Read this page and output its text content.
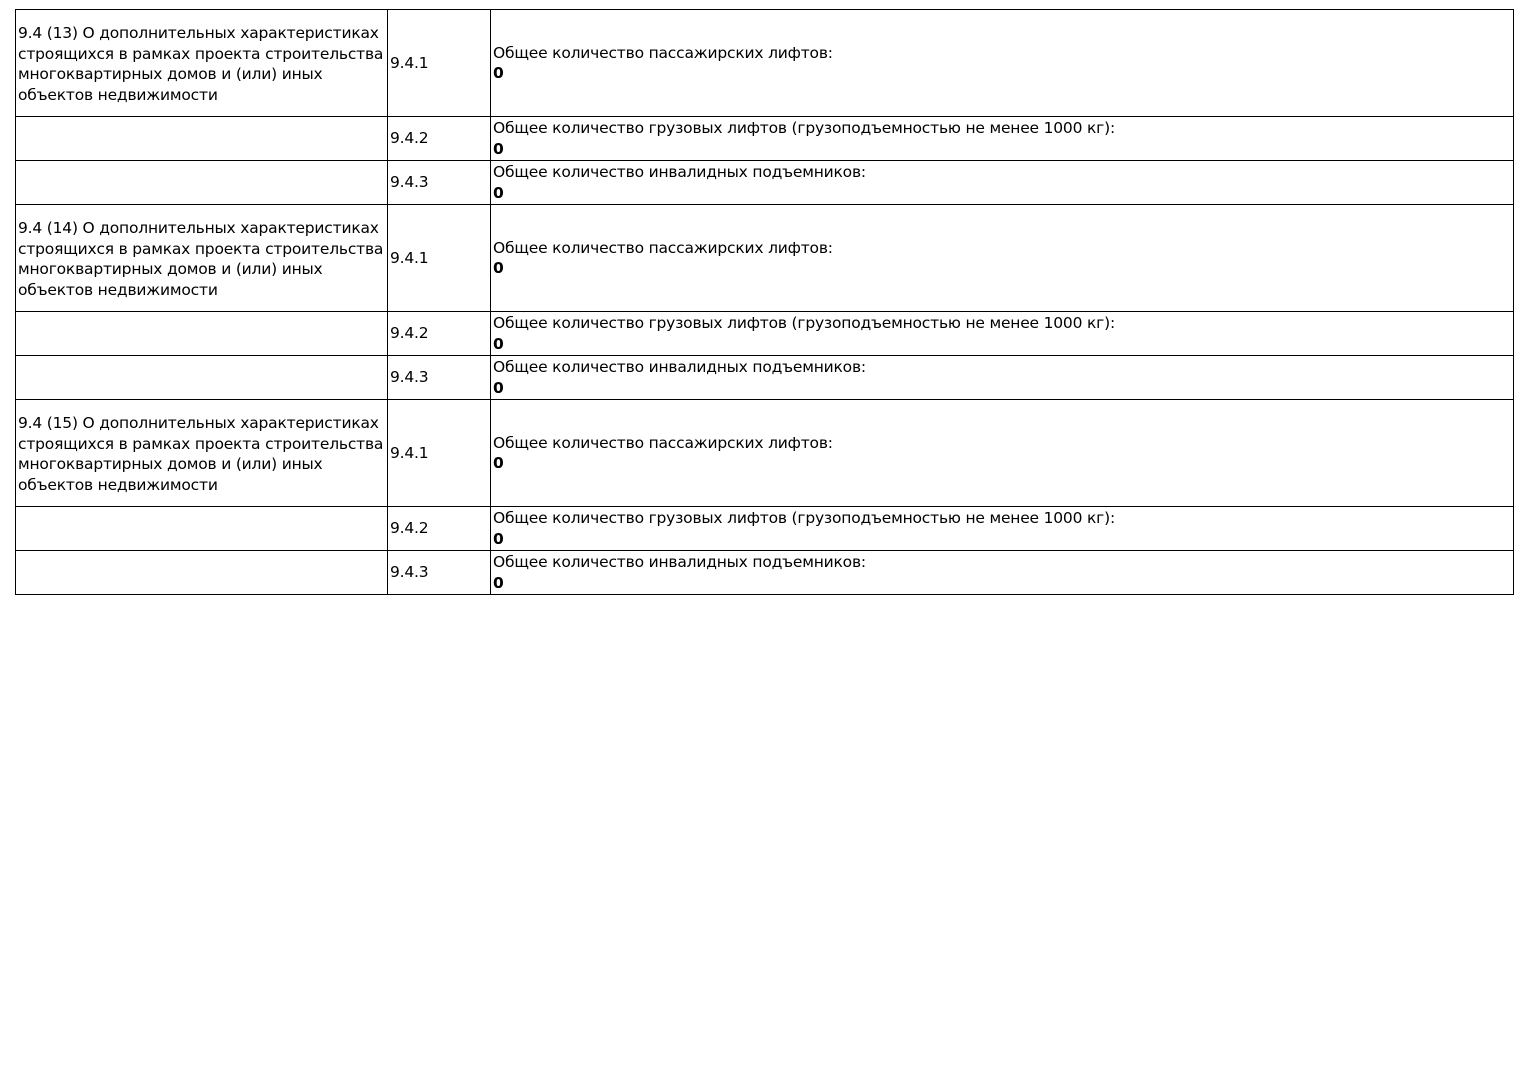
9.4 (13) О дополнительных характеристиках строящихся в рамках проекта строительства многоквартирных домов и (или) иных объектов недвижимости	9.4.1	Общее количество пассажирских лифтов:
0

	9.4.2	Общее количество грузовых лифтов (грузоподъемностью не менее 1000 кг):
0

	9.4.3	Общее количество инвалидных подъемников:
0

9.4 (14) О дополнительных характеристиках строящихся в рамках проекта строительства многоквартирных домов и (или) иных объектов недвижимости	9.4.1	Общее количество пассажирских лифтов:
0

	9.4.2	Общее количество грузовых лифтов (грузоподъемностью не менее 1000 кг):
0

	9.4.3	Общее количество инвалидных подъемников:
0

9.4 (15) О дополнительных характеристиках строящихся в рамках проекта строительства многоквартирных домов и (или) иных объектов недвижимости	9.4.1	Общее количество пассажирских лифтов:
0

	9.4.2	Общее количество грузовых лифтов (грузоподъемностью не менее 1000 кг):
0

	9.4.3	Общее количество инвалидных подъемников:
0
